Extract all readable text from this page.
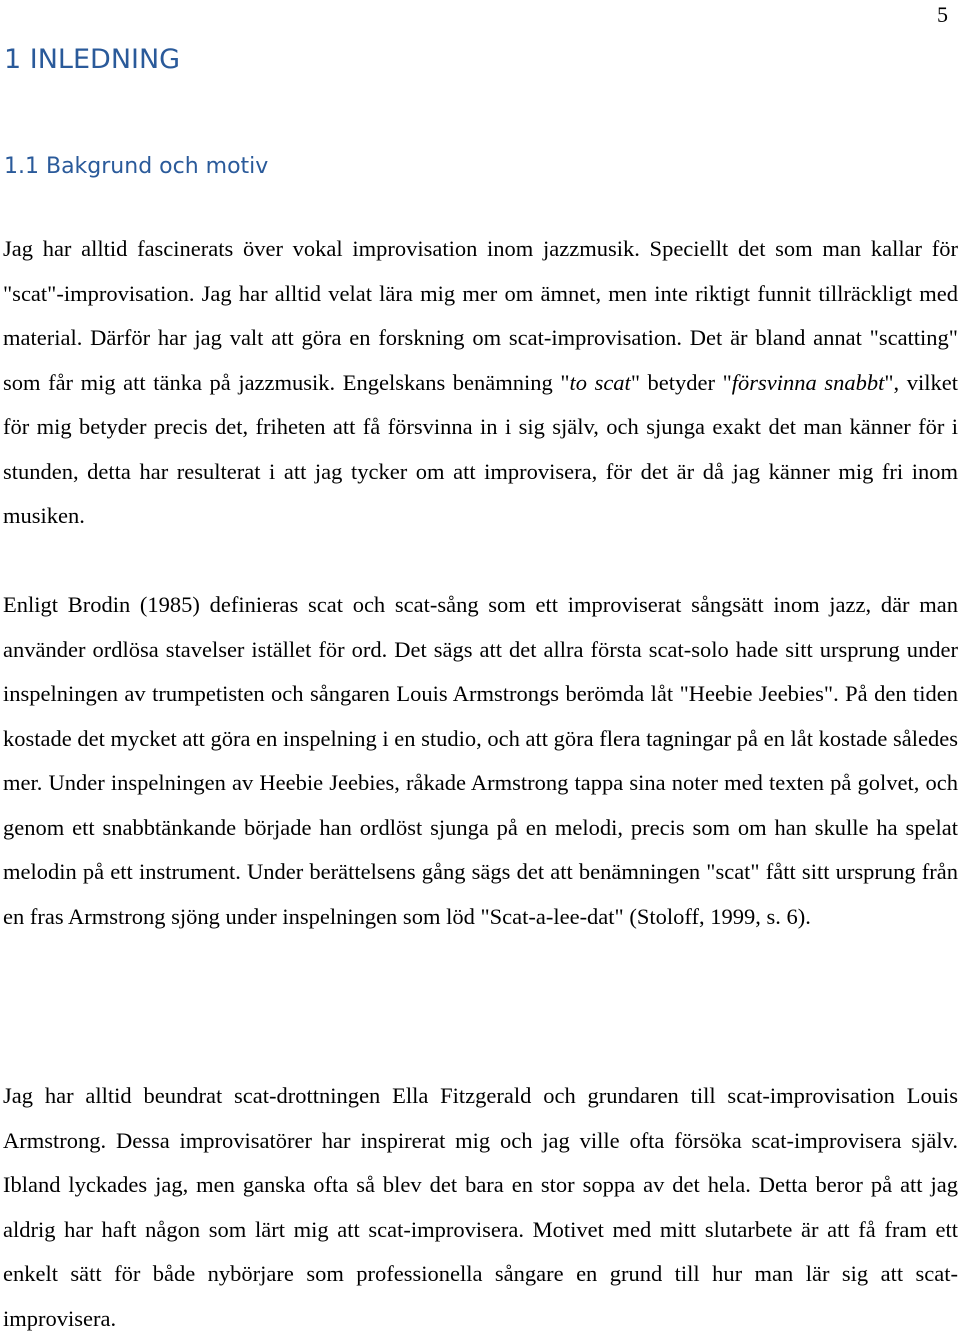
5
1 INLEDNING
1.1 Bakgrund och motiv

Jag har alltid fascinerats över vokal improvisation inom jazzmusik. Speciellt det som man kallar för "scat"-improvisation. Jag har alltid velat lära mig mer om ämnet, men inte riktigt funnit tillräckligt med material. Därför har jag valt att göra en forskning om scat-improvisation. Det är bland annat "scatting" som får mig att tänka på jazzmusik. Engelskans benämning "to scat" betyder "försvinna snabbt", vilket för mig betyder precis det, friheten att få försvinna in i sig själv, och sjunga exakt det man känner för i stunden, detta har resulterat i att jag tycker om att improvisera, för det är då jag känner mig fri inom musiken.

Enligt Brodin (1985) definieras scat och scat-sång som ett improviserat sångsätt inom jazz, där man använder ordlösa stavelser istället för ord. Det sägs att det allra första scat-solo hade sitt ursprung under inspelningen av trumpetisten och sångaren Louis Armstrongs berömda låt "Heebie Jeebies". På den tiden kostade det mycket att göra en inspelning i en studio, och att göra flera tagningar på en låt kostade således mer. Under inspelningen av Heebie Jeebies, råkade Armstrong tappa sina noter med texten på golvet, och genom ett snabbtänkande började han ordlöst sjunga på en melodi, precis som om han skulle ha spelat melodin på ett instrument. Under berättelsens gång sägs det att benämningen "scat" fått sitt ursprung från en fras Armstrong sjöng under inspelningen som löd "Scat-a-lee-dat" (Stoloff, 1999, s. 6).

Jag har alltid beundrat scat-drottningen Ella Fitzgerald och grundaren till scat-improvisation Louis Armstrong. Dessa improvisatörer har inspirerat mig och jag ville ofta försöka scat-improvisera själv. Ibland lyckades jag, men ganska ofta så blev det bara en stor soppa av det hela. Detta beror på att jag aldrig har haft någon som lärt mig att scat-improvisera. Motivet med mitt slutarbete är att få fram ett enkelt sätt för både nybörjare som professionella sångare en grund till hur man lär sig att scat-improvisera.
